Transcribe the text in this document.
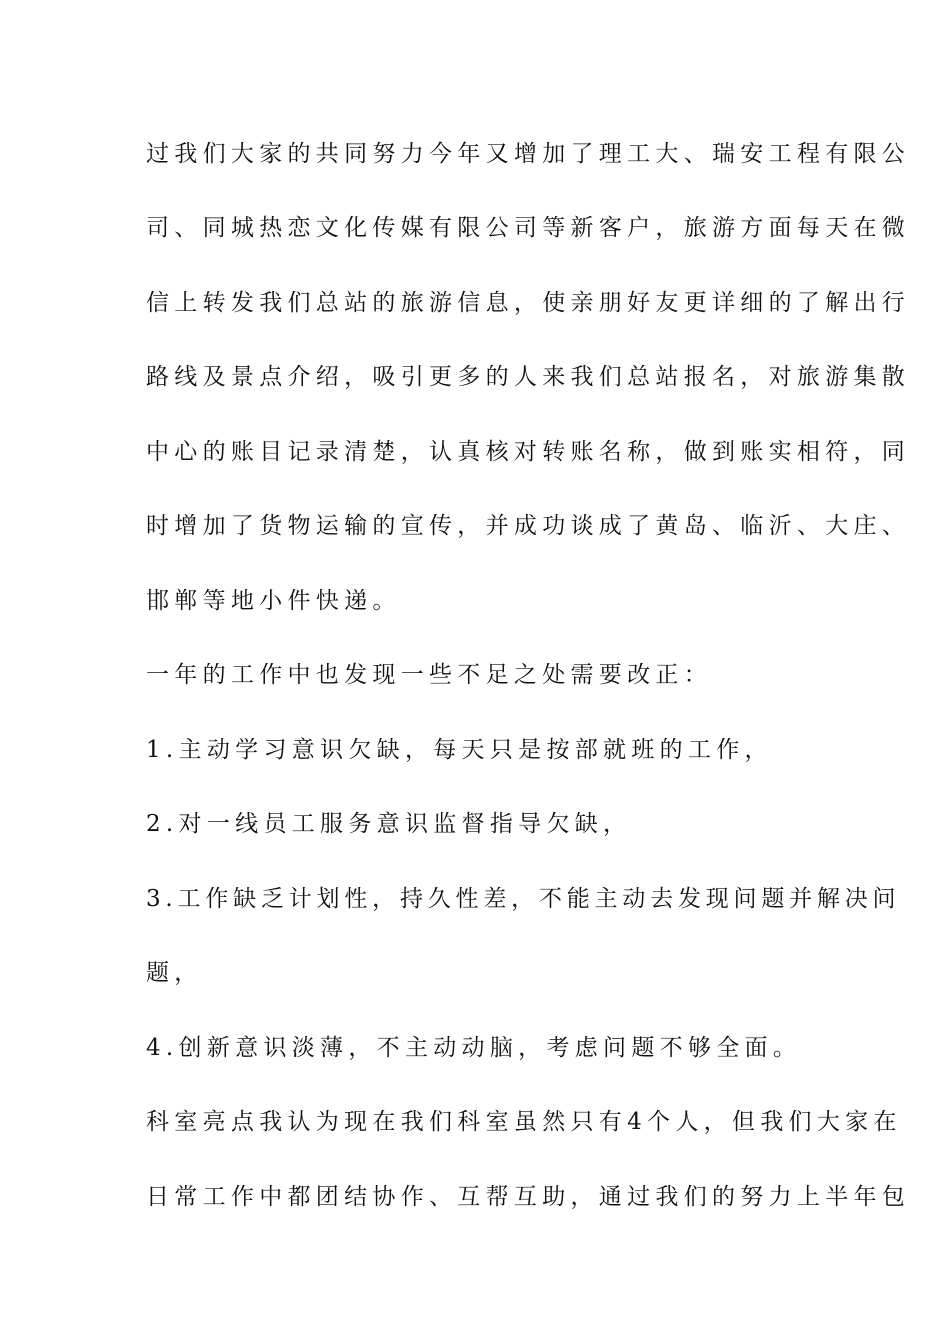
过我们大家的共同努力今年又增加了理工大、瑞安工程有限公
司、同城热恋文化传媒有限公司等新客户，旅游方面每天在微
信上转发我们总站的旅游信息，使亲朋好友更详细的了解出行
路线及景点介绍，吸引更多的人来我们总站报名，对旅游集散
中心的账目记录清楚，认真核对转账名称，做到账实相符，同
时增加了货物运输的宣传，并成功谈成了黄岛、临沂、大庄、
邯郸等地小件快递。
一年的工作中也发现一些不足之处需要改正：
1.主动学习意识欠缺，每天只是按部就班的工作，
2.对一线员工服务意识监督指导欠缺，
3.工作缺乏计划性，持久性差，不能主动去发现问题并解决问
题，
4.创新意识淡薄，不主动动脑，考虑问题不够全面。
科室亮点我认为现在我们科室虽然只有4个人，但我们大家在
日常工作中都团结协作、互帮互助，通过我们的努力上半年包
